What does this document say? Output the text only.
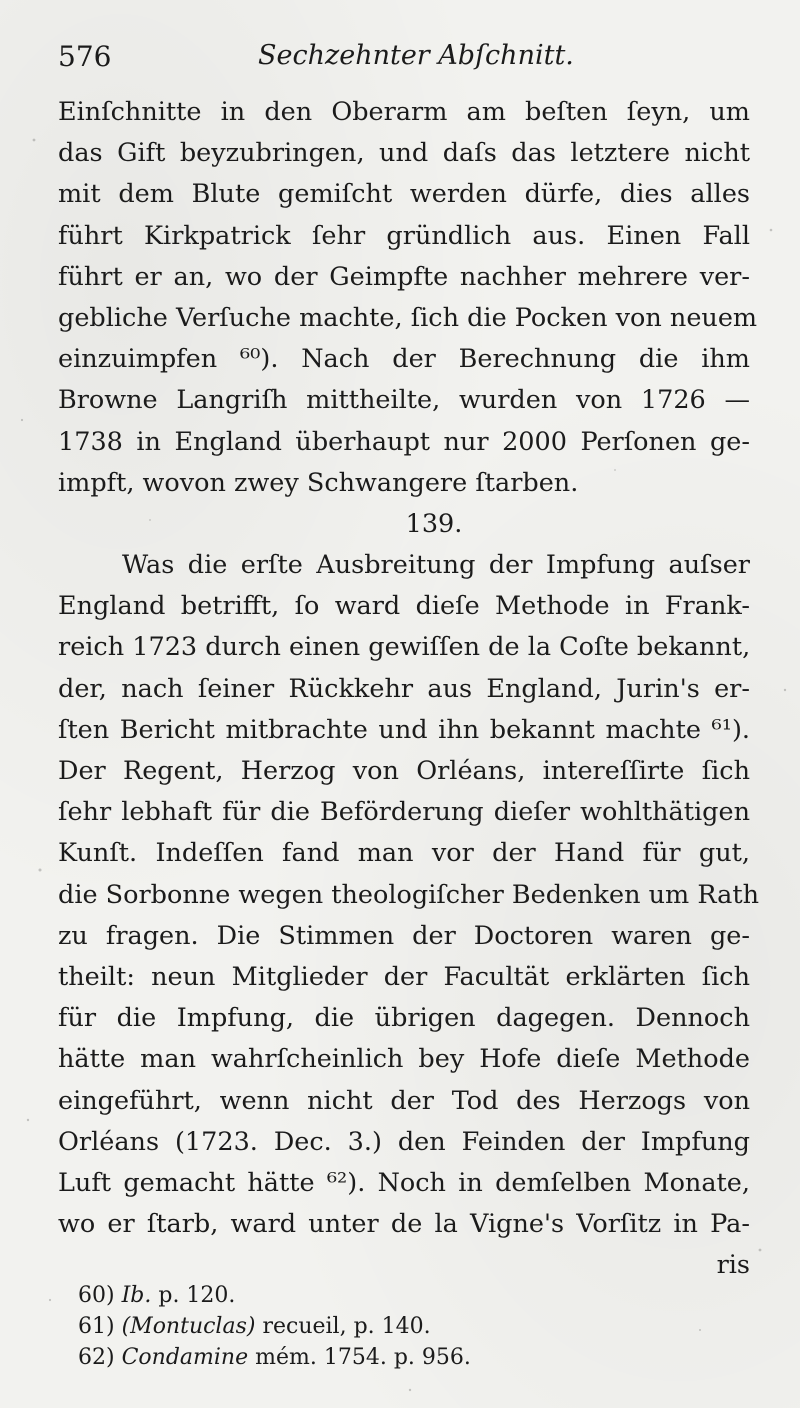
576	Sechzehnter Abſchnitt.
Einſchnitte in den Oberarm am beſten ſeyn, um
das Gift beyzubringen, und daſs das letztere nicht
mit dem Blute gemiſcht werden dürfe, dies alles
führt Kirkpatrick ſehr gründlich aus. Einen Fall
führt er an, wo der Geimpfte nachher mehrere ver-
gebliche Verſuche machte, ſich die Pocken von neuem
einzuimpfen ⁶⁰). Nach der Berechnung die ihm
Browne Langriſh mittheilte, wurden von 1726 —
1738 in England überhaupt nur 2000 Perſonen ge-
impft, wovon zwey Schwangere ſtarben.
139.
Was die erſte Ausbreitung der Impfung auſser
England betrifft, ſo ward dieſe Methode in Frank-
reich 1723 durch einen gewiſſen de la Coſte bekannt,
der, nach ſeiner Rückkehr aus England, Jurin's er-
ſten Bericht mitbrachte und ihn bekannt machte ⁶¹).
Der Regent, Herzog von Orléans, intereſſirte ſich
ſehr lebhaft für die Beförderung dieſer wohlthätigen
Kunſt. Indeſſen fand man vor der Hand für gut,
die Sorbonne wegen theologiſcher Bedenken um Rath
zu fragen. Die Stimmen der Doctoren waren ge-
theilt: neun Mitglieder der Facultät erklärten ſich
für die Impfung, die übrigen dagegen. Dennoch
hätte man wahrſcheinlich bey Hofe dieſe Methode
eingeführt, wenn nicht der Tod des Herzogs von
Orléans (1723. Dec. 3.) den Feinden der Impfung
Luft gemacht hätte ⁶²). Noch in demſelben Monate,
wo er ſtarb, ward unter de la Vigne's Vorſitz in Pa-
ris
60) Ib. p. 120.
61) (Montuclas) recueil, p. 140.
62) Condamine mém. 1754. p. 956.
